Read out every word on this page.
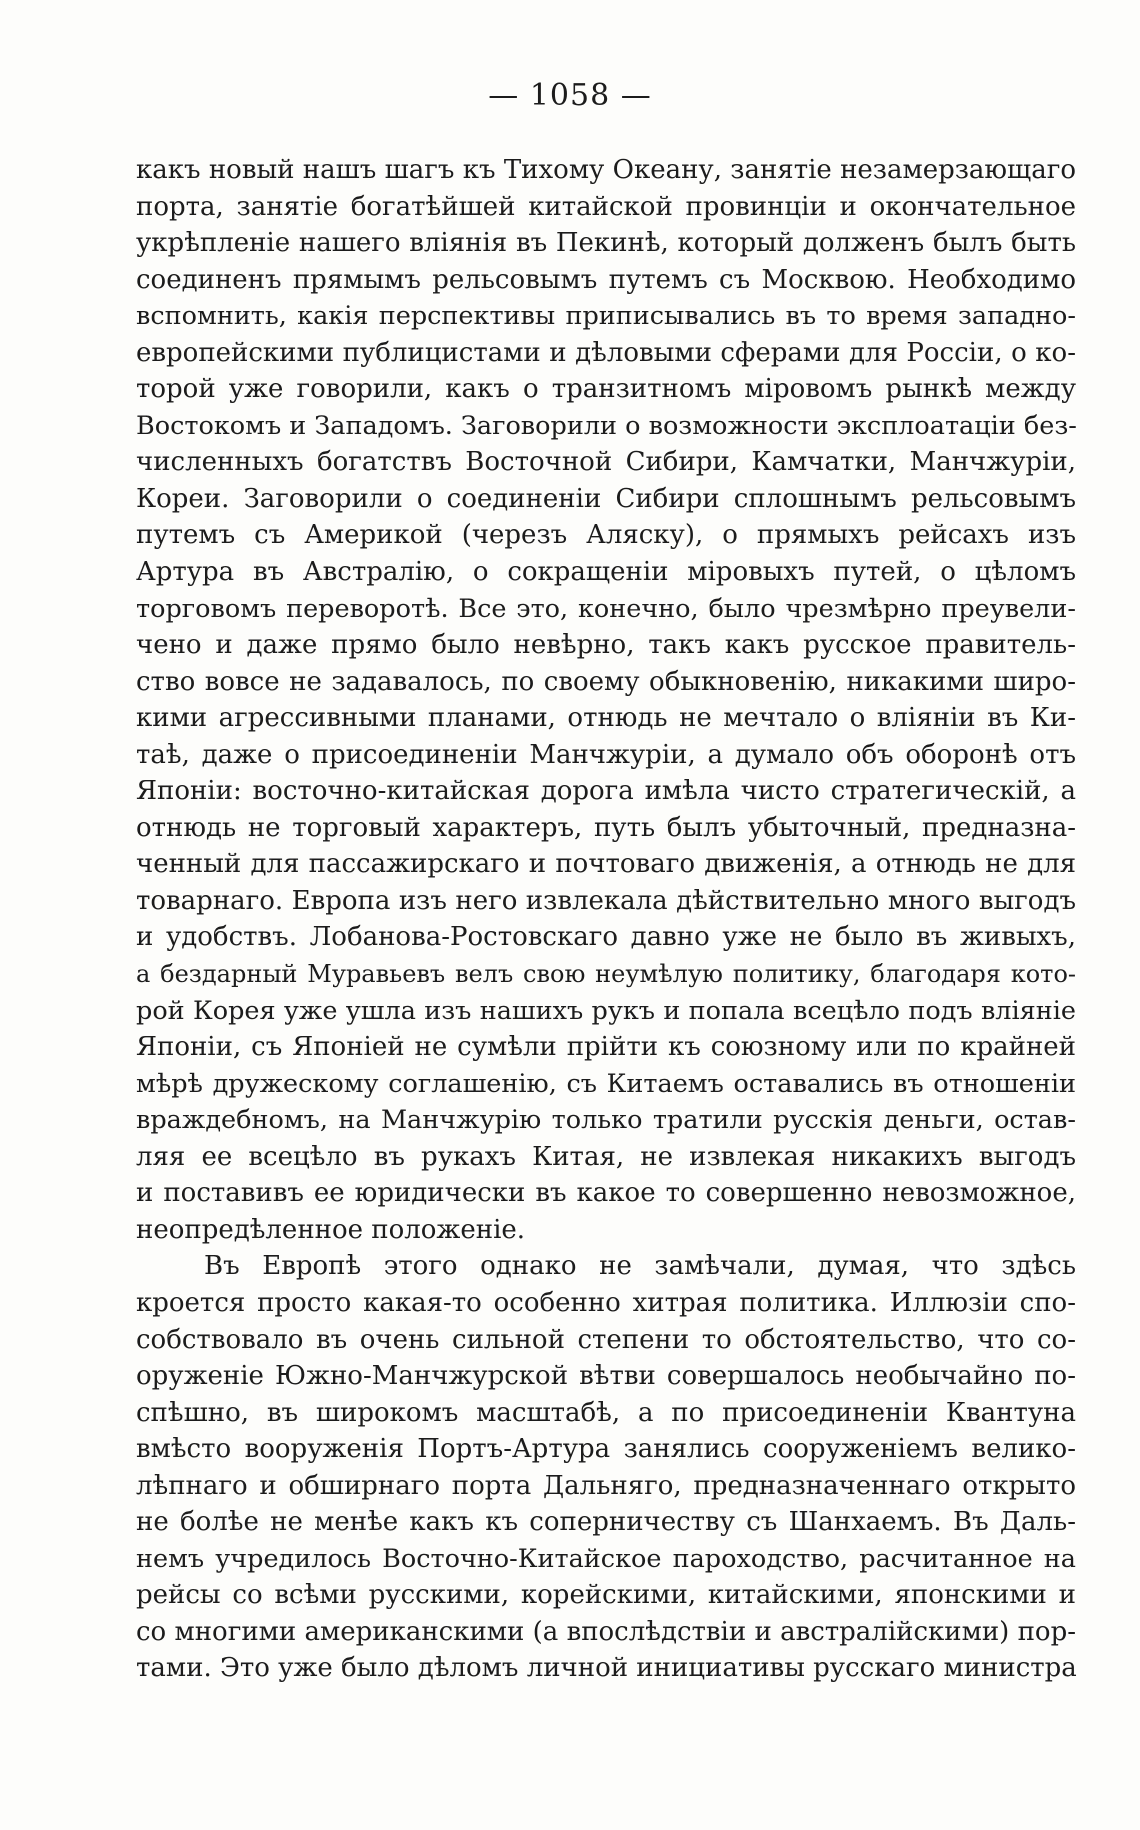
— 1058 —
какъ новый нашъ шагъ къ Тихому Океану, занятіе незамерзающаго
порта, занятіе богатѣйшей китайской провинціи и окончательное
укрѣпленіе нашего вліянія въ Пекинѣ, который долженъ былъ быть
соединенъ прямымъ рельсовымъ путемъ съ Москвою. Необходимо
вспомнить, какія перспективы приписывались въ то время западно-
европейскими публицистами и дѣловыми сферами для Россіи, о ко-
торой уже говорили, какъ о транзитномъ міровомъ рынкѣ между
Востокомъ и Западомъ. Заговорили о возможности эксплоатаціи без-
численныхъ богатствъ Восточной Сибири, Камчатки, Манчжуріи,
Кореи. Заговорили о соединеніи Сибири сплошнымъ рельсовымъ
путемъ съ Америкой (черезъ Аляску), о прямыхъ рейсахъ изъ
Артура въ Австралію, о сокращеніи міровыхъ путей, о цѣломъ
торговомъ переворотѣ. Все это, конечно, было чрезмѣрно преувели-
чено и даже прямо было невѣрно, такъ какъ русское правитель-
ство вовсе не задавалось, по своему обыкновенію, никакими широ-
кими агрессивными планами, отнюдь не мечтало о вліяніи въ Ки-
таѣ, даже о присоединеніи Манчжуріи, а думало объ оборонѣ отъ
Японіи: восточно-китайская дорога имѣла чисто стратегическій, а
отнюдь не торговый характеръ, путь былъ убыточный, предназна-
ченный для пассажирскаго и почтоваго движенія, а отнюдь не для
товарнаго. Европа изъ него извлекала дѣйствительно много выгодъ
и удобствъ. Лобанова-Ростовскаго давно уже не было въ живыхъ,
а бездарный Муравьевъ велъ свою неумѣлую политику, благодаря кото-
рой Корея уже ушла изъ нашихъ рукъ и попала всецѣло подъ вліяніе
Японіи, съ Японіей не сумѣли прійти къ союзному или по крайней
мѣрѣ дружескому соглашенію, съ Китаемъ оставались въ отношеніи
враждебномъ, на Манчжурію только тратили русскія деньги, остав-
ляя ее всецѣло въ рукахъ Китая, не извлекая никакихъ выгодъ
и поставивъ ее юридически въ какое то совершенно невозможное,
неопредѣленное положеніе.
Въ Европѣ этого однако не замѣчали, думая, что здѣсь
кроется просто какая-то особенно хитрая политика. Иллюзіи спо-
собствовало въ очень сильной степени то обстоятельство, что со-
оруженіе Южно-Манчжурской вѣтви совершалось необычайно по-
спѣшно, въ широкомъ масштабѣ, а по присоединеніи Квантуна
вмѣсто вооруженія Портъ-Артура занялись сооруженіемъ велико-
лѣпнаго и обширнаго порта Дальняго, предназначеннаго открыто
не болѣе не менѣе какъ къ соперничеству съ Шанхаемъ. Въ Даль-
немъ учредилось Восточно-Китайское пароходство, расчитанное на
рейсы со всѣми русскими, корейскими, китайскими, японскими и
со многими американскими (а впослѣдствіи и австралійскими) пор-
тами. Это уже было дѣломъ личной инициативы русскаго министра
